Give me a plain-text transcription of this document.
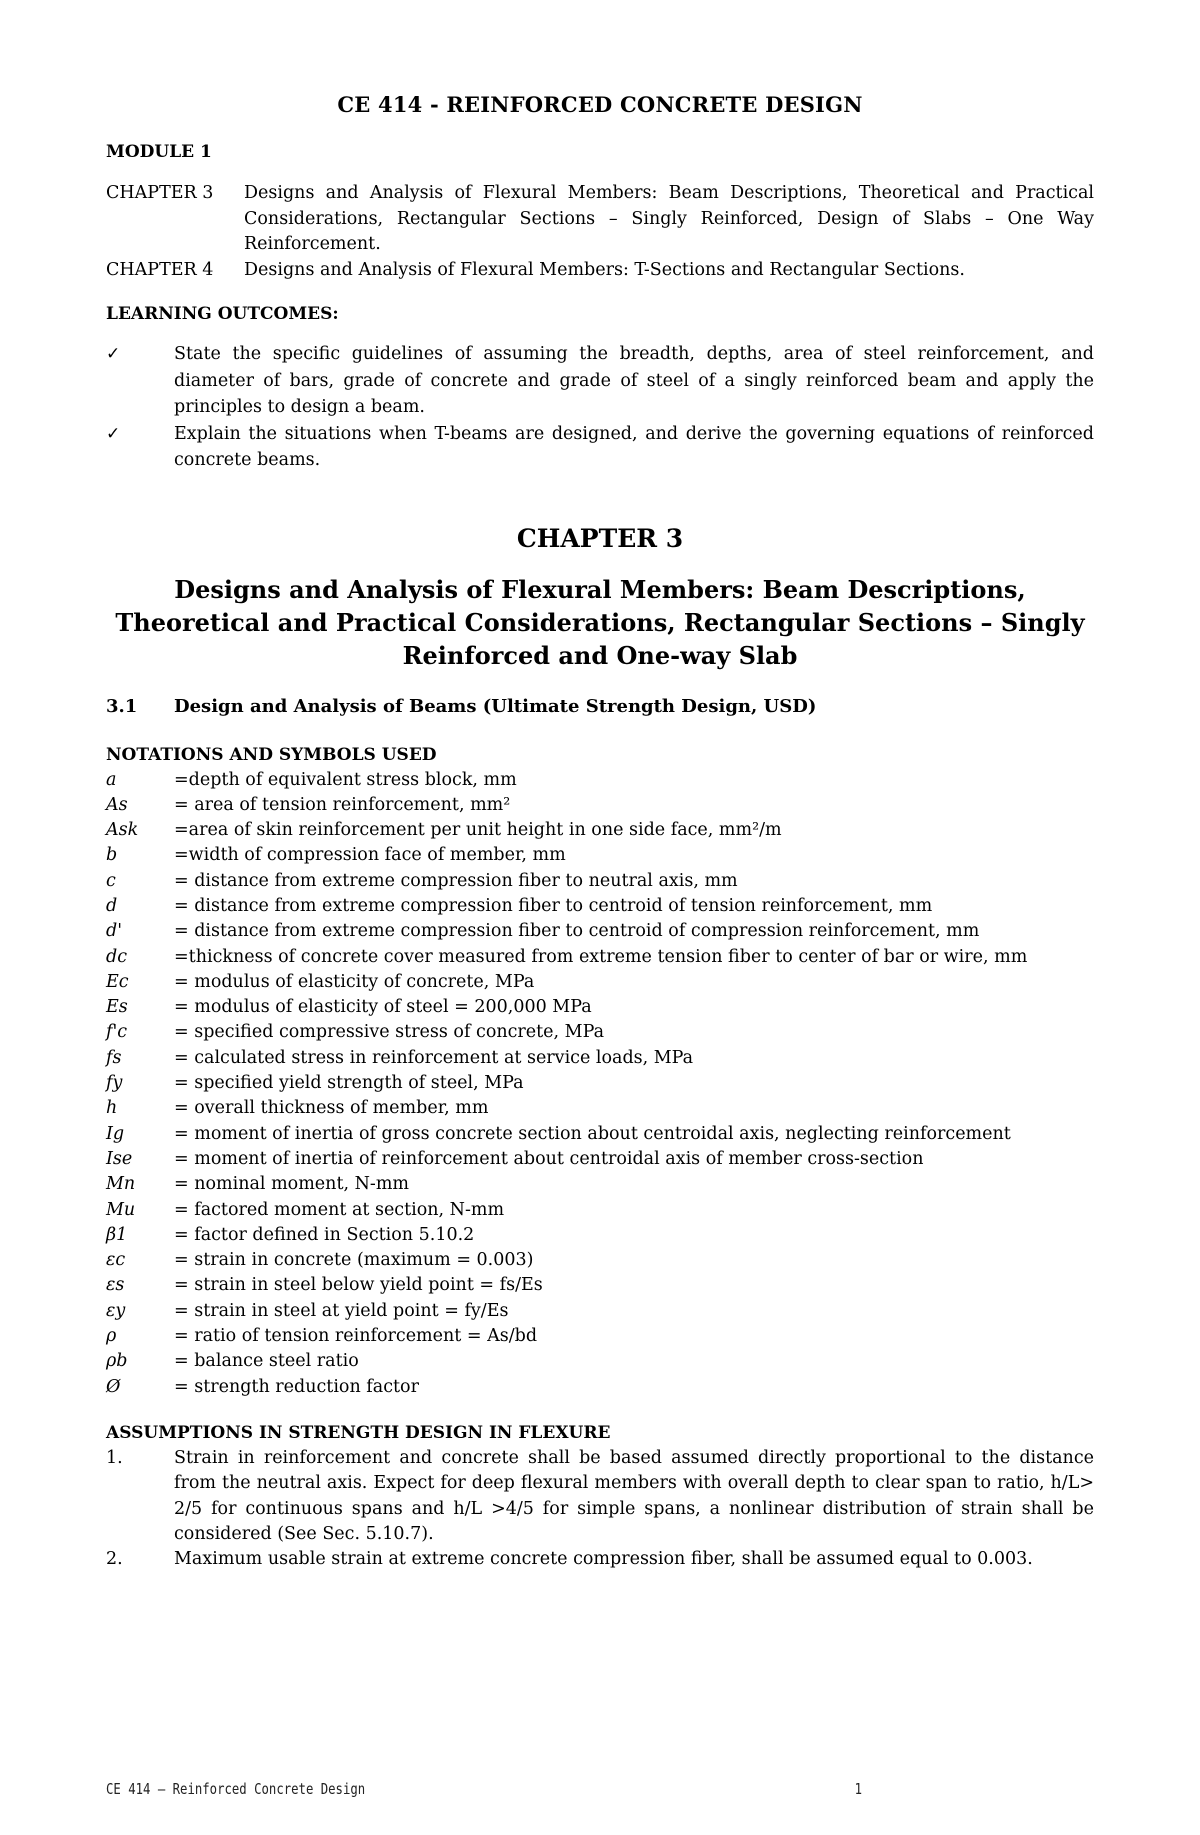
CE 414 - REINFORCED CONCRETE DESIGN
MODULE 1
CHAPTER 3	Designs and Analysis of Flexural Members: Beam Descriptions, Theoretical and Practical Considerations, Rectangular Sections – Singly Reinforced, Design of Slabs – One Way Reinforcement.
CHAPTER 4	Designs and Analysis of Flexural Members: T-Sections and Rectangular Sections.
LEARNING OUTCOMES:
✓	State the specific guidelines of assuming the breadth, depths, area of steel reinforcement, and diameter of bars, grade of concrete and grade of steel of a singly reinforced beam and apply the principles to design a beam.
✓	Explain the situations when T-beams are designed, and derive the governing equations of reinforced concrete beams.
CHAPTER 3
Designs and Analysis of Flexural Members: Beam Descriptions, Theoretical and Practical Considerations, Rectangular Sections – Singly Reinforced and One-way Slab
3.1	Design and Analysis of Beams (Ultimate Strength Design, USD)
NOTATIONS AND SYMBOLS USED
a	=depth of equivalent stress block, mm
As	= area of tension reinforcement, mm²
Ask	=area of skin reinforcement per unit height in one side face, mm²/m
b	=width of compression face of member, mm
c	= distance from extreme compression fiber to neutral axis, mm
d	= distance from extreme compression fiber to centroid of tension reinforcement, mm
d'	= distance from extreme compression fiber to centroid of compression reinforcement, mm
dc	=thickness of concrete cover measured from extreme tension fiber to center of bar or wire, mm
Ec	= modulus of elasticity of concrete, MPa
Es	= modulus of elasticity of steel = 200,000 MPa
f'c	= specified compressive stress of concrete, MPa
fs	= calculated stress in reinforcement at service loads, MPa
fy	= specified yield strength of steel, MPa
h	= overall thickness of member, mm
Ig	= moment of inertia of gross concrete section about centroidal axis, neglecting reinforcement
Ise	= moment of inertia of reinforcement about centroidal axis of member cross-section
Mn	= nominal moment, N-mm
Mu	= factored moment at section, N-mm
β1	= factor defined in Section 5.10.2
εc	= strain in concrete (maximum = 0.003)
εs	= strain in steel below yield point = fs/Es
εy	= strain in steel at yield point = fy/Es
ρ	= ratio of tension reinforcement = As/bd
ρb	= balance steel ratio
Ø	= strength reduction factor
ASSUMPTIONS IN STRENGTH DESIGN IN FLEXURE
1.	Strain in reinforcement and concrete shall be based assumed directly proportional to the distance from the neutral axis. Expect for deep flexural members with overall depth to clear span to ratio, h/L> 2/5 for continuous spans and h/L >4/5 for simple spans, a nonlinear distribution of strain shall be considered (See Sec. 5.10.7).
2.	Maximum usable strain at extreme concrete compression fiber, shall be assumed equal to 0.003.
CE 414 – Reinforced Concrete Design	1
